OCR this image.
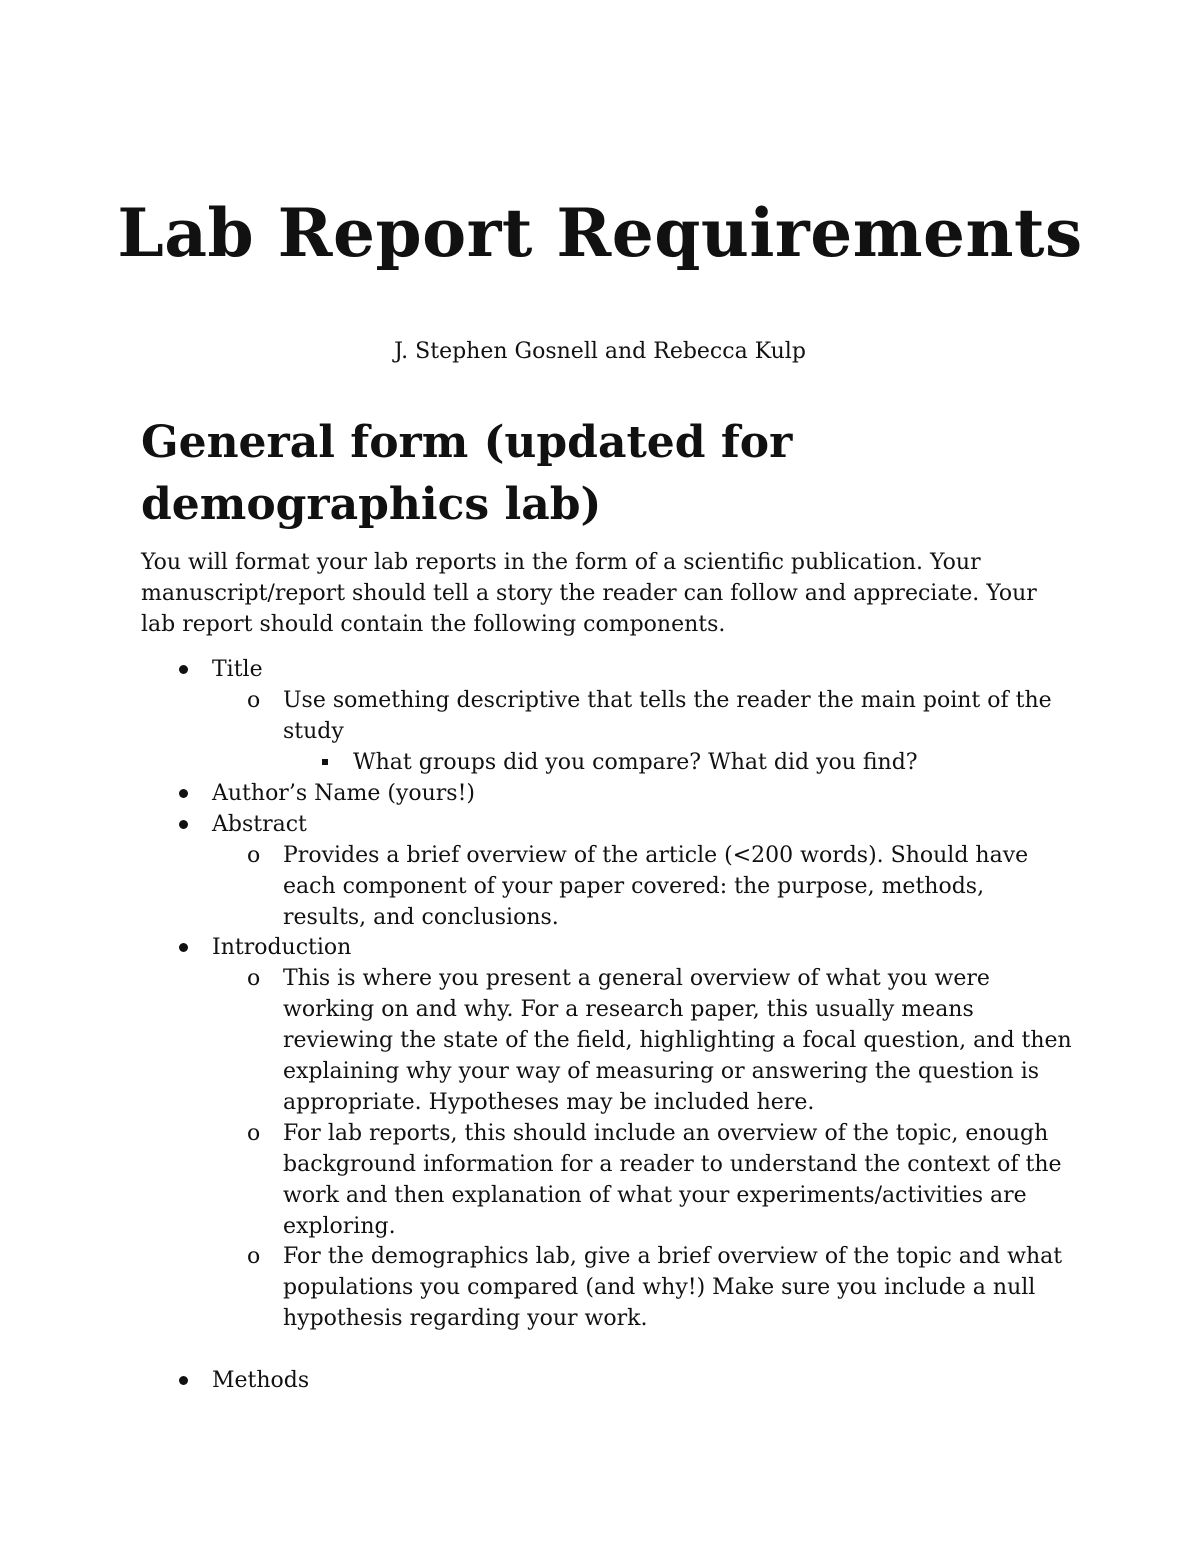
Lab Report Requirements

J. Stephen Gosnell and Rebecca Kulp

General form (updated for demographics lab)

You will format your lab reports in the form of a scientific publication. Your manuscript/report should tell a story the reader can follow and appreciate. Your lab report should contain the following components.

Title

o Use something descriptive that tells the reader the main point of the study

What groups did you compare? What did you find?

Author’s Name (yours!)

Abstract

o Provides a brief overview of the article (<200 words). Should have each component of your paper covered: the purpose, methods, results, and conclusions.

Introduction

o This is where you present a general overview of what you were working on and why. For a research paper, this usually means reviewing the state of the field, highlighting a focal question, and then explaining why your way of measuring or answering the question is appropriate. Hypotheses may be included here.

o For lab reports, this should include an overview of the topic, enough background information for a reader to understand the context of the work and then explanation of what your experiments/activities are exploring.

o For the demographics lab, give a brief overview of the topic and what populations you compared (and why!) Make sure you include a null hypothesis regarding your work.

Methods
